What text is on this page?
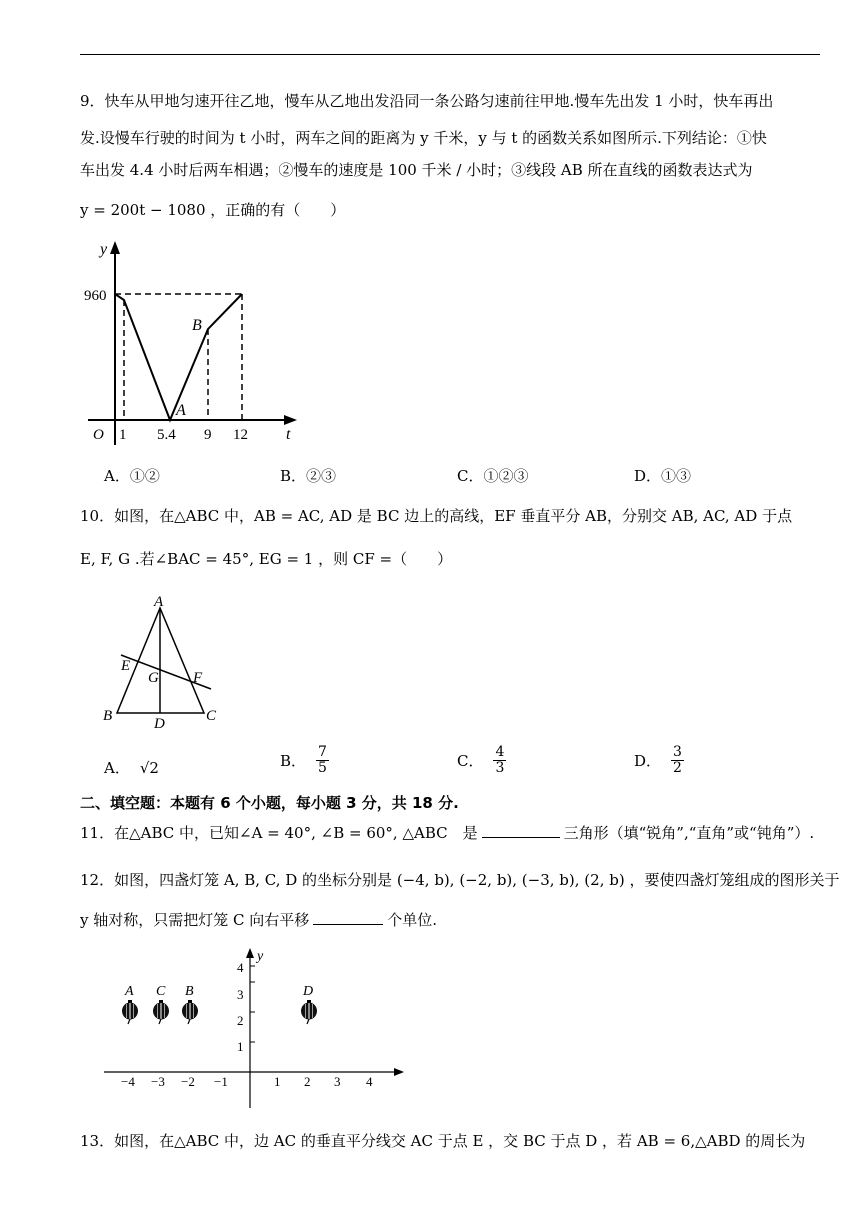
9．快车从甲地匀速开往乙地，慢车从乙地出发沿同一条公路匀速前往甲地.慢车先出发 1 小时，快车再出
发.设慢车行驶的时间为 t 小时，两车之间的距离为 y 千米，y 与 t 的函数关系如图所示.下列结论：①快
车出发 4.4 小时后两车相遇；②慢车的速度是 100 千米 / 小时；③线段 AB 所在直线的函数表达式为
y = 200t − 1080 ，正确的有（　　）
y
960
O 1 5.4 9 12 t
A
B
A．①②	B．②③	C．①②③	D．①③
10．如图，在△ABC 中，AB = AC, AD 是 BC 边上的高线，EF 垂直平分 AB，分别交 AB, AC, AD 于点
E, F, G .若∠BAC = 45°, EG = 1 ，则 CF =（　　）
A
B	C
D
E
F
G
A． √2	B． $\frac{7}{5}$	C． $\frac{4}{3}$	D． $\frac{3}{2}$
二、填空题：本题有 6 个小题，每小题 3 分，共 18 分.
11．在△ABC 中，已知∠A = 40°, ∠B = 60°, △ABC　是	三角形（填“锐角”,“直角”或“钝角”）.
12．如图，四盏灯笼 A, B, C, D 的坐标分别是 (−4, b), (−2, b), (−3, b), (2, b) ，要使四盏灯笼组成的图形关于
y 轴对称，只需把灯笼 C 向右平移	个单位.
y
1
2
3
4
−4 −3 −2 −1	1 2 3 4
A C B	D
13．如图，在△ABC 中，边 AC 的垂直平分线交 AC 于点 E ，交 BC 于点 D ，若 AB = 6,△ABD 的周长为
